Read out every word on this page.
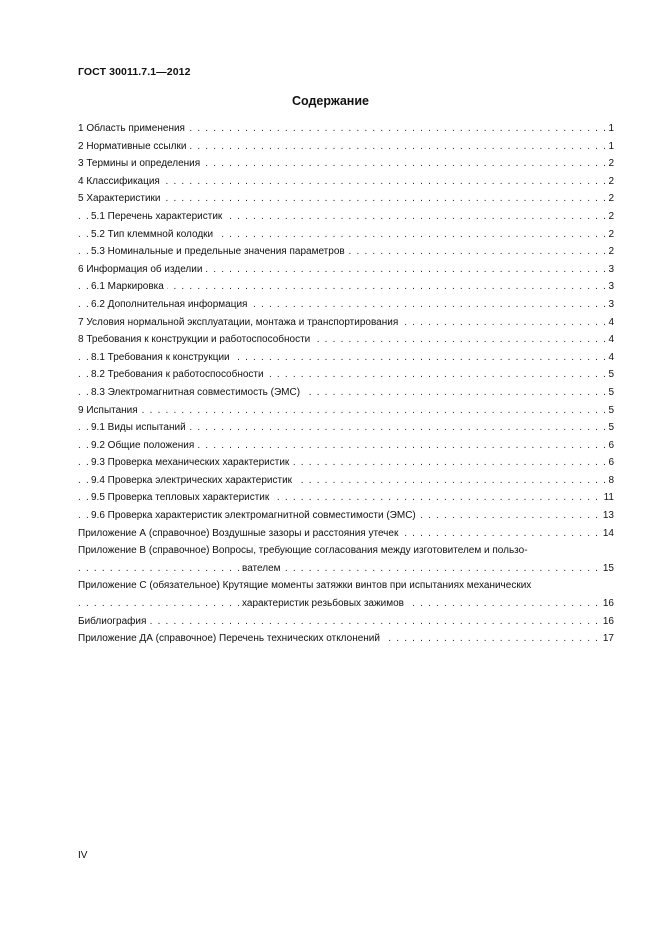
ГОСТ 30011.7.1—2012
Содержание
1 Область применения	1
. . .
2 Нормативные ссылки	1
. . .
3 Термины и определения	2
. . .
4 Классификация	2
. . .
5 Характеристики	2
. . .
5.1 Перечень характеристик	2
. . .
5.2 Тип клеммной колодки	2
. . .
5.3 Номинальные и предельные значения параметров	2
. . .
6 Информация об изделии	3
. . .
6.1 Маркировка	3
. . .
6.2 Дополнительная информация	3
. . .
7 Условия нормальной эксплуатации, монтажа и транспортирования	4
. . .
8 Требования к конструкции и работоспособности	4
. . .
8.1 Требования к конструкции	4
. . .
8.2 Требования к работоспособности	5
. . .
8.3 Электромагнитная совместимость (ЭМС)	5
. . .
9 Испытания	5
. . .
9.1 Виды испытаний	5
. . .
9.2 Общие положения	6
. . .
9.3 Проверка механических характеристик	6
. . .
9.4 Проверка электрических характеристик	8
. . .
9.5 Проверка тепловых характеристик	11
. . .
9.6 Проверка характеристик электромагнитной совместимости (ЭМС)	13
. . .
Приложение А (справочное) Воздушные зазоры и расстояния утечек	14
. . .
Приложение В (справочное) Вопросы, требующие согласования между изготовителем и пользо-
вателем	15
. . .
Приложение С (обязательное) Крутящие моменты затяжки винтов при испытаниях механических
характеристик резьбовых зажимов	16
. . .
Библиография	16
. . .
Приложение ДА (справочное) Перечень технических отклонений	17
. . .
IV
